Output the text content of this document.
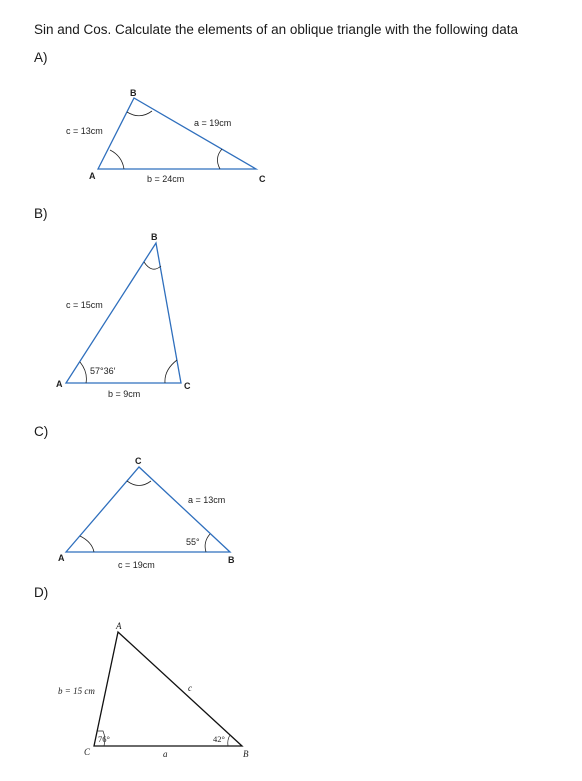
Sin and Cos. Calculate the elements of an oblique triangle with the following data
A)
B)
C)
D)
B
A	C
c = 13cm
a = 19cm
b = 24cm
B
A	C
c = 15cm
57°36′
b = 9cm
C
A	B
a = 13cm
55°
c = 19cm
A
C	B
b = 15 cm	c
a
76°	42°
